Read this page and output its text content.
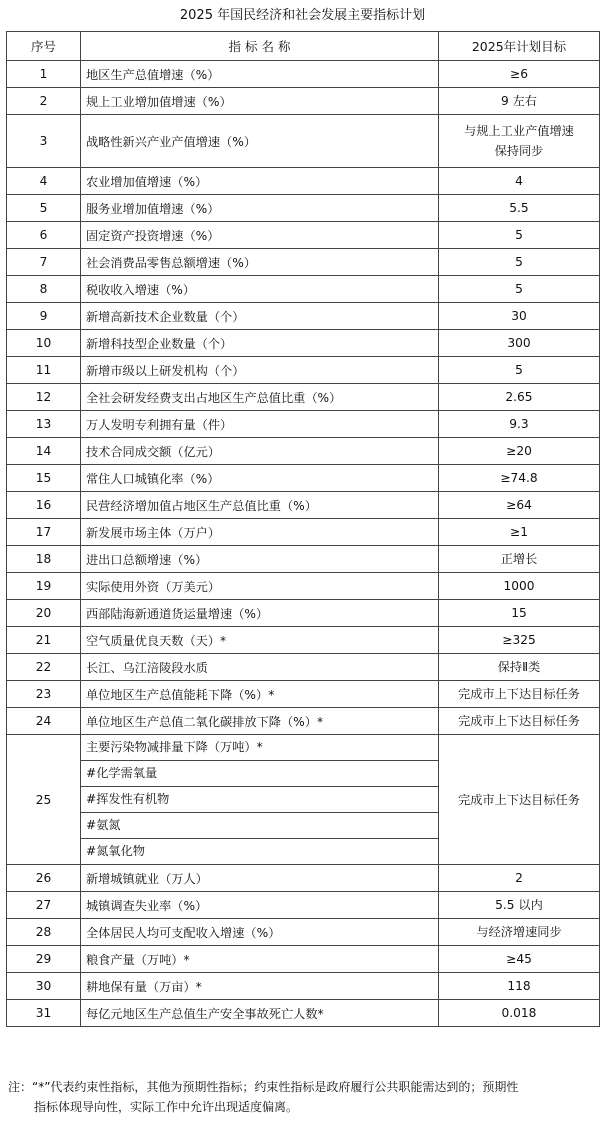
2025 年国民经济和社会发展主要指标计划
序号	指 标 名 称	2025年计划目标
1	地区生产总值增速（%）	≥6
2	规上工业增加值增速（%）	9 左右
3	战略性新兴产业产值增速（%）	与规上工业产值增速
保持同步
4	农业增加值增速（%）	4
5	服务业增加值增速（%）	5.5
6	固定资产投资增速（%）	5
7	社会消费品零售总额增速（%）	5
8	税收收入增速（%）	5
9	新增高新技术企业数量（个）	30
10	新增科技型企业数量（个）	300
11	新增市级以上研发机构（个）	5
12	全社会研发经费支出占地区生产总值比重（%）	2.65
13	万人发明专利拥有量（件）	9.3
14	技术合同成交额（亿元）	≥20
15	常住人口城镇化率（%）	≥74.8
16	民营经济增加值占地区生产总值比重（%）	≥64
17	新发展市场主体（万户）	≥1
18	进出口总额增速（%）	正增长
19	实际使用外资（万美元）	1000
20	西部陆海新通道货运量增速（%）	15
21	空气质量优良天数（天）*	≥325
22	长江、乌江涪陵段水质	保持Ⅱ类
23	单位地区生产总值能耗下降（%）*	完成市上下达目标任务
24	单位地区生产总值二氧化碳排放下降（%）*	完成市上下达目标任务
25	主要污染物减排量下降（万吨）*
#化学需氧量
#挥发性有机物
#氨氮
#氮氧化物	完成市上下达目标任务
26	新增城镇就业（万人）	2
27	城镇调查失业率（%）	5.5 以内
28	全体居民人均可支配收入增速（%）	与经济增速同步
29	粮食产量（万吨）*	≥45
30	耕地保有量（万亩）*	118
31	每亿元地区生产总值生产安全事故死亡人数*	0.018
注：“*”代表约束性指标，其他为预期性指标；约束性指标是政府履行公共职能需达到的；预期性
指标体现导向性，实际工作中允许出现适度偏离。
